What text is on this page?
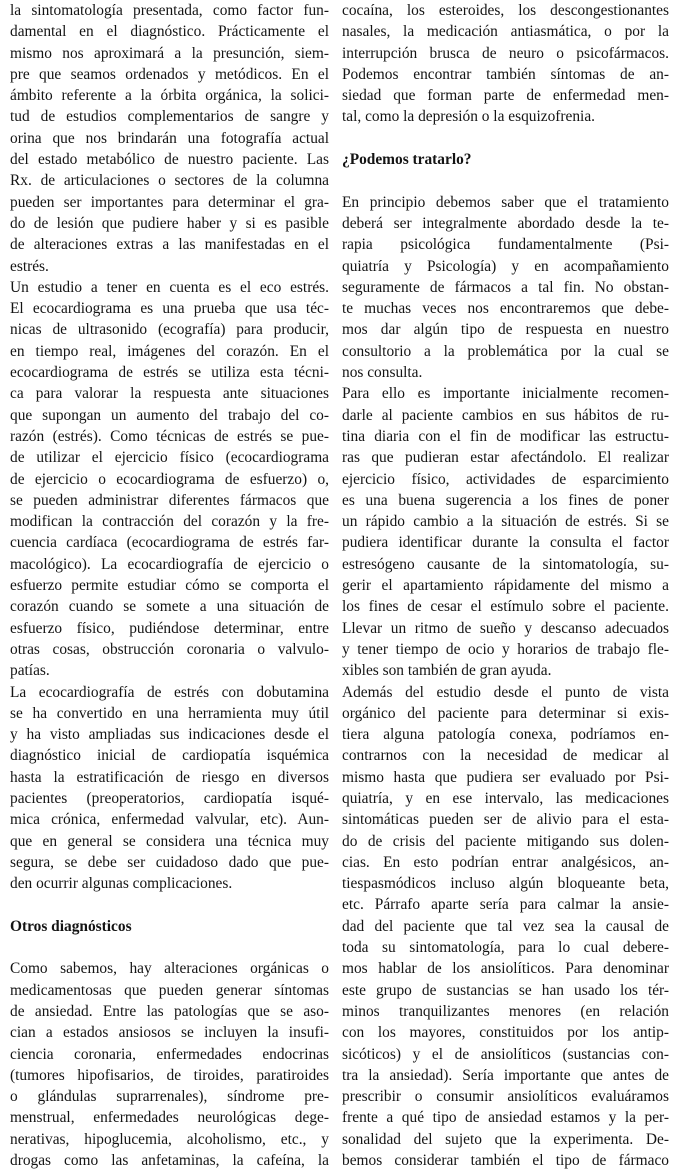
la sintomatología presentada, como factor fun-
damental en el diagnóstico. Prácticamente el
mismo nos aproximará a la presunción, siem-
pre que seamos ordenados y metódicos. En el
ámbito referente a la órbita orgánica, la solici-
tud de estudios complementarios de sangre y
orina que nos brindarán una fotografía actual
del estado metabólico de nuestro paciente. Las
Rx. de articulaciones o sectores de la columna
pueden ser importantes para determinar el gra-
do de lesión que pudiere haber y si es pasible
de alteraciones extras a las manifestadas en el
estrés.
Un estudio a tener en cuenta es el eco estrés.
El ecocardiograma es una prueba que usa téc-
nicas de ultrasonido (ecografía) para producir,
en tiempo real, imágenes del corazón. En el
ecocardiograma de estrés se utiliza esta técni-
ca para valorar la respuesta ante situaciones
que supongan un aumento del trabajo del co-
razón (estrés). Como técnicas de estrés se pue-
de utilizar el ejercicio físico (ecocardiograma
de ejercicio o ecocardiograma de esfuerzo) o,
se pueden administrar diferentes fármacos que
modifican la contracción del corazón y la fre-
cuencia cardíaca (ecocardiograma de estrés far-
macológico). La ecocardiografía de ejercicio o
esfuerzo permite estudiar cómo se comporta el
corazón cuando se somete a una situación de
esfuerzo físico, pudiéndose determinar, entre
otras cosas, obstrucción coronaria o valvulo-
patías.
La ecocardiografía de estrés con dobutamina
se ha convertido en una herramienta muy útil
y ha visto ampliadas sus indicaciones desde el
diagnóstico inicial de cardiopatía isquémica
hasta la estratificación de riesgo en diversos
pacientes (preoperatorios, cardiopatía isqué-
mica crónica, enfermedad valvular, etc). Aun-
que en general se considera una técnica muy
segura, se debe ser cuidadoso dado que pue-
den ocurrir algunas complicaciones.
Otros diagnósticos
Como sabemos, hay alteraciones orgánicas o
medicamentosas que pueden generar síntomas
de ansiedad. Entre las patologías que se aso-
cian a estados ansiosos se incluyen la insufi-
ciencia coronaria, enfermedades endocrinas
(tumores hipofisarios, de tiroides, paratiroides
o glándulas suprarrenales), síndrome pre-
menstrual, enfermedades neurológicas dege-
nerativas, hipoglucemia, alcoholismo, etc., y
drogas como las anfetaminas, la cafeína, la
cocaína, los esteroides, los descongestionantes
nasales, la medicación antiasmática, o por la
interrupción brusca de neuro o psicofármacos.
Podemos encontrar también síntomas de an-
siedad que forman parte de enfermedad men-
tal, como la depresión o la esquizofrenia.
¿Podemos tratarlo?
En principio debemos saber que el tratamiento
deberá ser integralmente abordado desde la te-
rapia psicológica fundamentalmente (Psi-
quiatría y Psicología) y en acompañamiento
seguramente de fármacos a tal fin. No obstan-
te muchas veces nos encontraremos que debe-
mos dar algún tipo de respuesta en nuestro
consultorio a la problemática por la cual se
nos consulta.
Para ello es importante inicialmente recomen-
darle al paciente cambios en sus hábitos de ru-
tina diaria con el fin de modificar las estructu-
ras que pudieran estar afectándolo. El realizar
ejercicio físico, actividades de esparcimiento
es una buena sugerencia a los fines de poner
un rápido cambio a la situación de estrés. Si se
pudiera identificar durante la consulta el factor
estresógeno causante de la sintomatología, su-
gerir el apartamiento rápidamente del mismo a
los fines de cesar el estímulo sobre el paciente.
Llevar un ritmo de sueño y descanso adecuados
y tener tiempo de ocio y horarios de trabajo fle-
xibles son también de gran ayuda.
Además del estudio desde el punto de vista
orgánico del paciente para determinar si exis-
tiera alguna patología conexa, podríamos en-
contrarnos con la necesidad de medicar al
mismo hasta que pudiera ser evaluado por Psi-
quiatría, y en ese intervalo, las medicaciones
sintomáticas pueden ser de alivio para el esta-
do de crisis del paciente mitigando sus dolen-
cias. En esto podrían entrar analgésicos, an-
tiespasmódicos incluso algún bloqueante beta,
etc. Párrafo aparte sería para calmar la ansie-
dad del paciente que tal vez sea la causal de
toda su sintomatología, para lo cual debere-
mos hablar de los ansiolíticos. Para denominar
este grupo de sustancias se han usado los tér-
minos tranquilizantes menores (en relación
con los mayores, constituidos por los antip-
sicóticos) y el de ansiolíticos (sustancias con-
tra la ansiedad). Sería importante que antes de
prescribir o consumir ansiolíticos evaluáramos
frente a qué tipo de ansiedad estamos y la per-
sonalidad del sujeto que la experimenta. De-
bemos considerar también el tipo de fármaco
